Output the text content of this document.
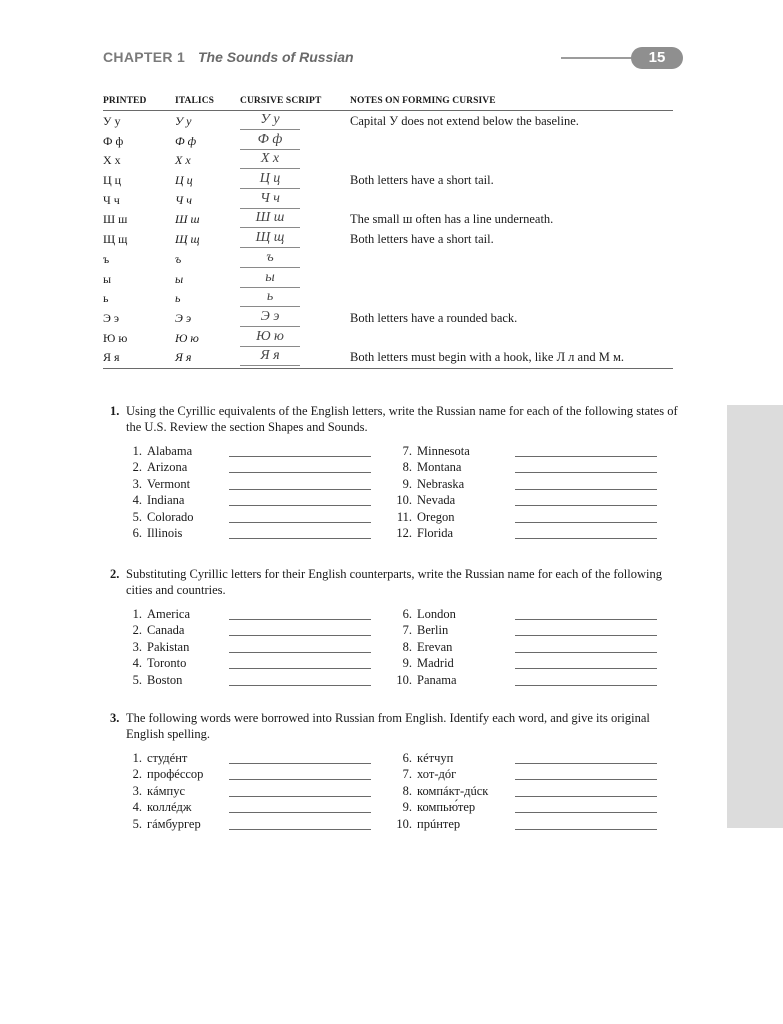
CHAPTER 1 The Sounds of Russian	15
PRINTED	ITALICS	CURSIVE SCRIPT	NOTES ON FORMING CURSIVE
У у	У у	У у	Capital У does not extend below the baseline.
Ф ф	Ф ф	Ф ф
Х х	Х х	Х х
Ц ц	Ц ц	Ц ц	Both letters have a short tail.
Ч ч	Ч ч	Ч ч
Ш ш	Ш ш	Ш ш	The small ш often has a line underneath.
Щ щ	Щ щ	Щ щ	Both letters have a short tail.
ъ	ъ	ъ
ы	ы	ы
ь	ь	ь
Э э	Э э	Э э	Both letters have a rounded back.
Ю ю	Ю ю	Ю ю
Я я	Я я	Я я	Both letters must begin with a hook, like Л л and М м.
1. Using the Cyrillic equivalents of the English letters, write the Russian name for each of the following states of the U.S. Review the section Shapes and Sounds.
1. Alabama
2. Arizona
3. Vermont
4. Indiana
5. Colorado
6. Illinois
7. Minnesota
8. Montana
9. Nebraska
10. Nevada
11. Oregon
12. Florida
2. Substituting Cyrillic letters for their English counterparts, write the Russian name for each of the following cities and countries.
1. America
2. Canada
3. Pakistan
4. Toronto
5. Boston
6. London
7. Berlin
8. Erevan
9. Madrid
10. Panama
3. The following words were borrowed into Russian from English. Identify each word, and give its original English spelling.
1. студéнт
2. профéссор
3. кáмпус
4. коллéдж
5. гáмбургер
6. кéтчуп
7. хот-дóг
8. компáкт-дúск
9. компью́тер
10. прúнтер
